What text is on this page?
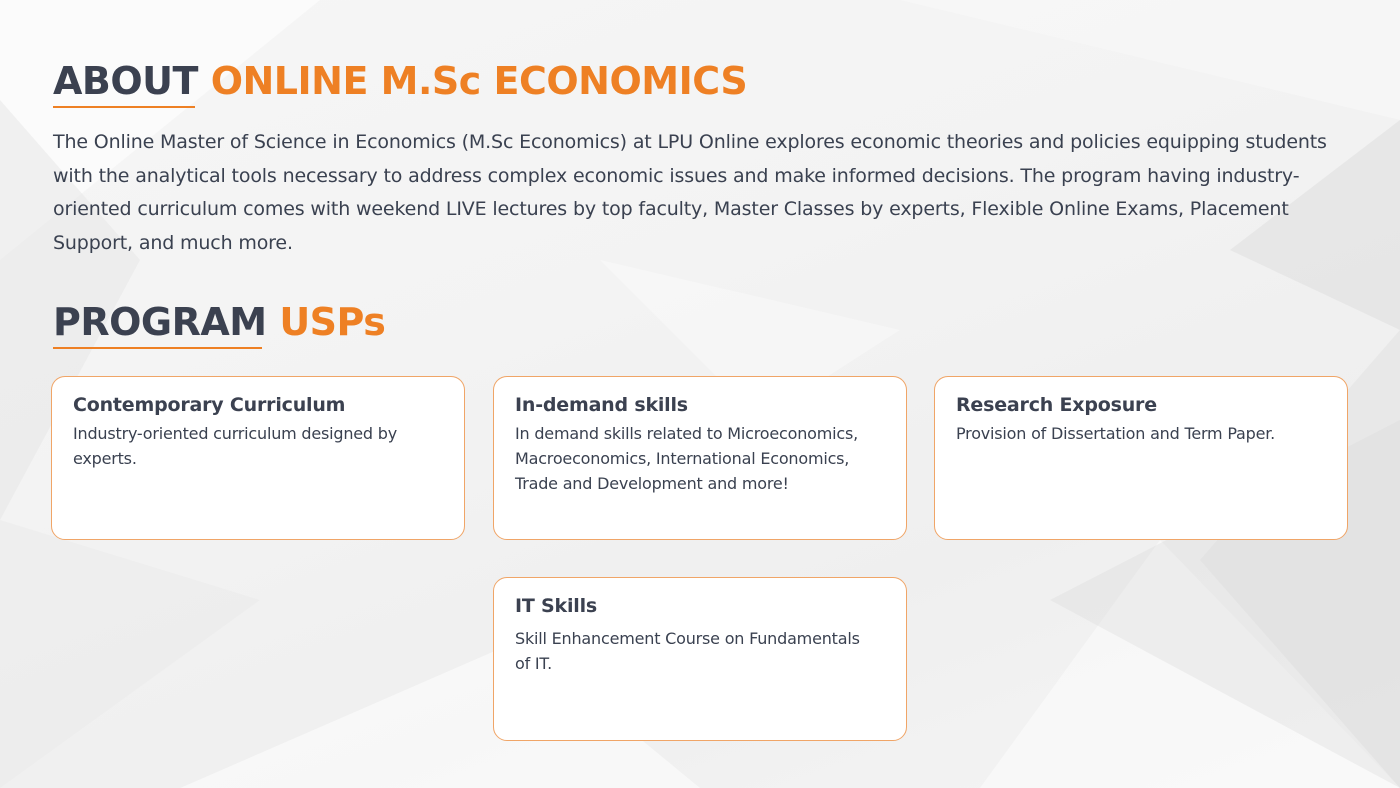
ABOUT ONLINE M.Sc ECONOMICS

The Online Master of Science in Economics (M.Sc Economics) at LPU Online explores economic theories and policies equipping students with the analytical tools necessary to address complex economic issues and make informed decisions. The program having industry-oriented curriculum comes with weekend LIVE lectures by top faculty, Master Classes by experts, Flexible Online Exams, Placement Support, and much more.

PROGRAM USPs
Contemporary Curriculum
Industry-oriented curriculum designed by experts.
In-demand skills
In demand skills related to Microeconomics, Macroeconomics, International Economics, Trade and Development and more!
Research Exposure
Provision of Dissertation and Term Paper.
IT Skills
Skill Enhancement Course on Fundamentals of IT.
